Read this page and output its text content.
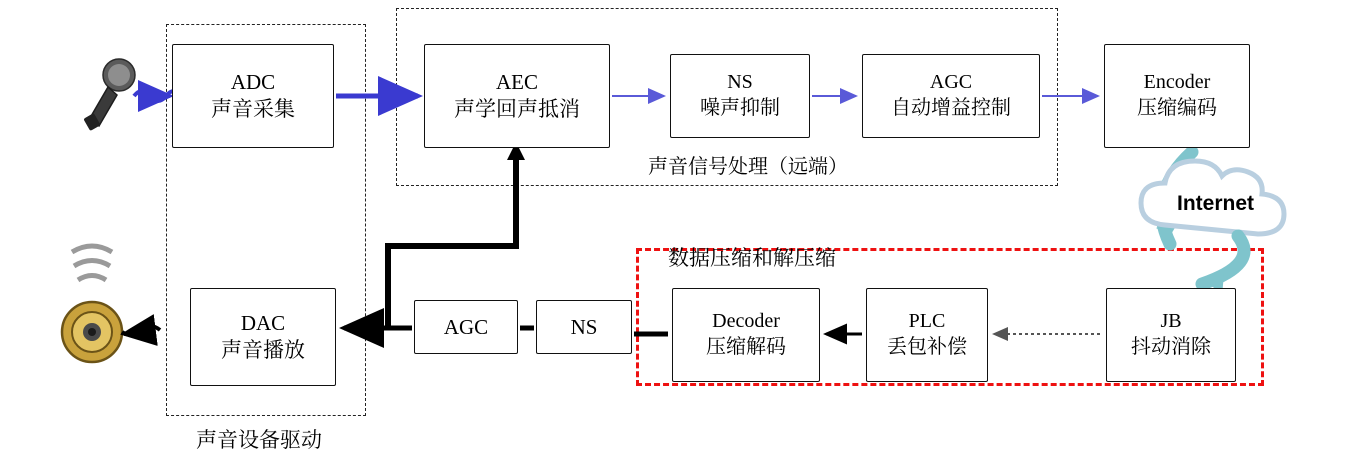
ADC
声音采集
AEC
声学回声抵消
NS
噪声抑制
AGC
自动增益控制
Encoder
压缩编码
DAC
声音播放
AGC	NS	Decoder
压缩解码
PLC
丢包补偿
JB
抖动消除
声音设备驱动
声音信号处理（远端）
数据压缩和解压缩
Internet
